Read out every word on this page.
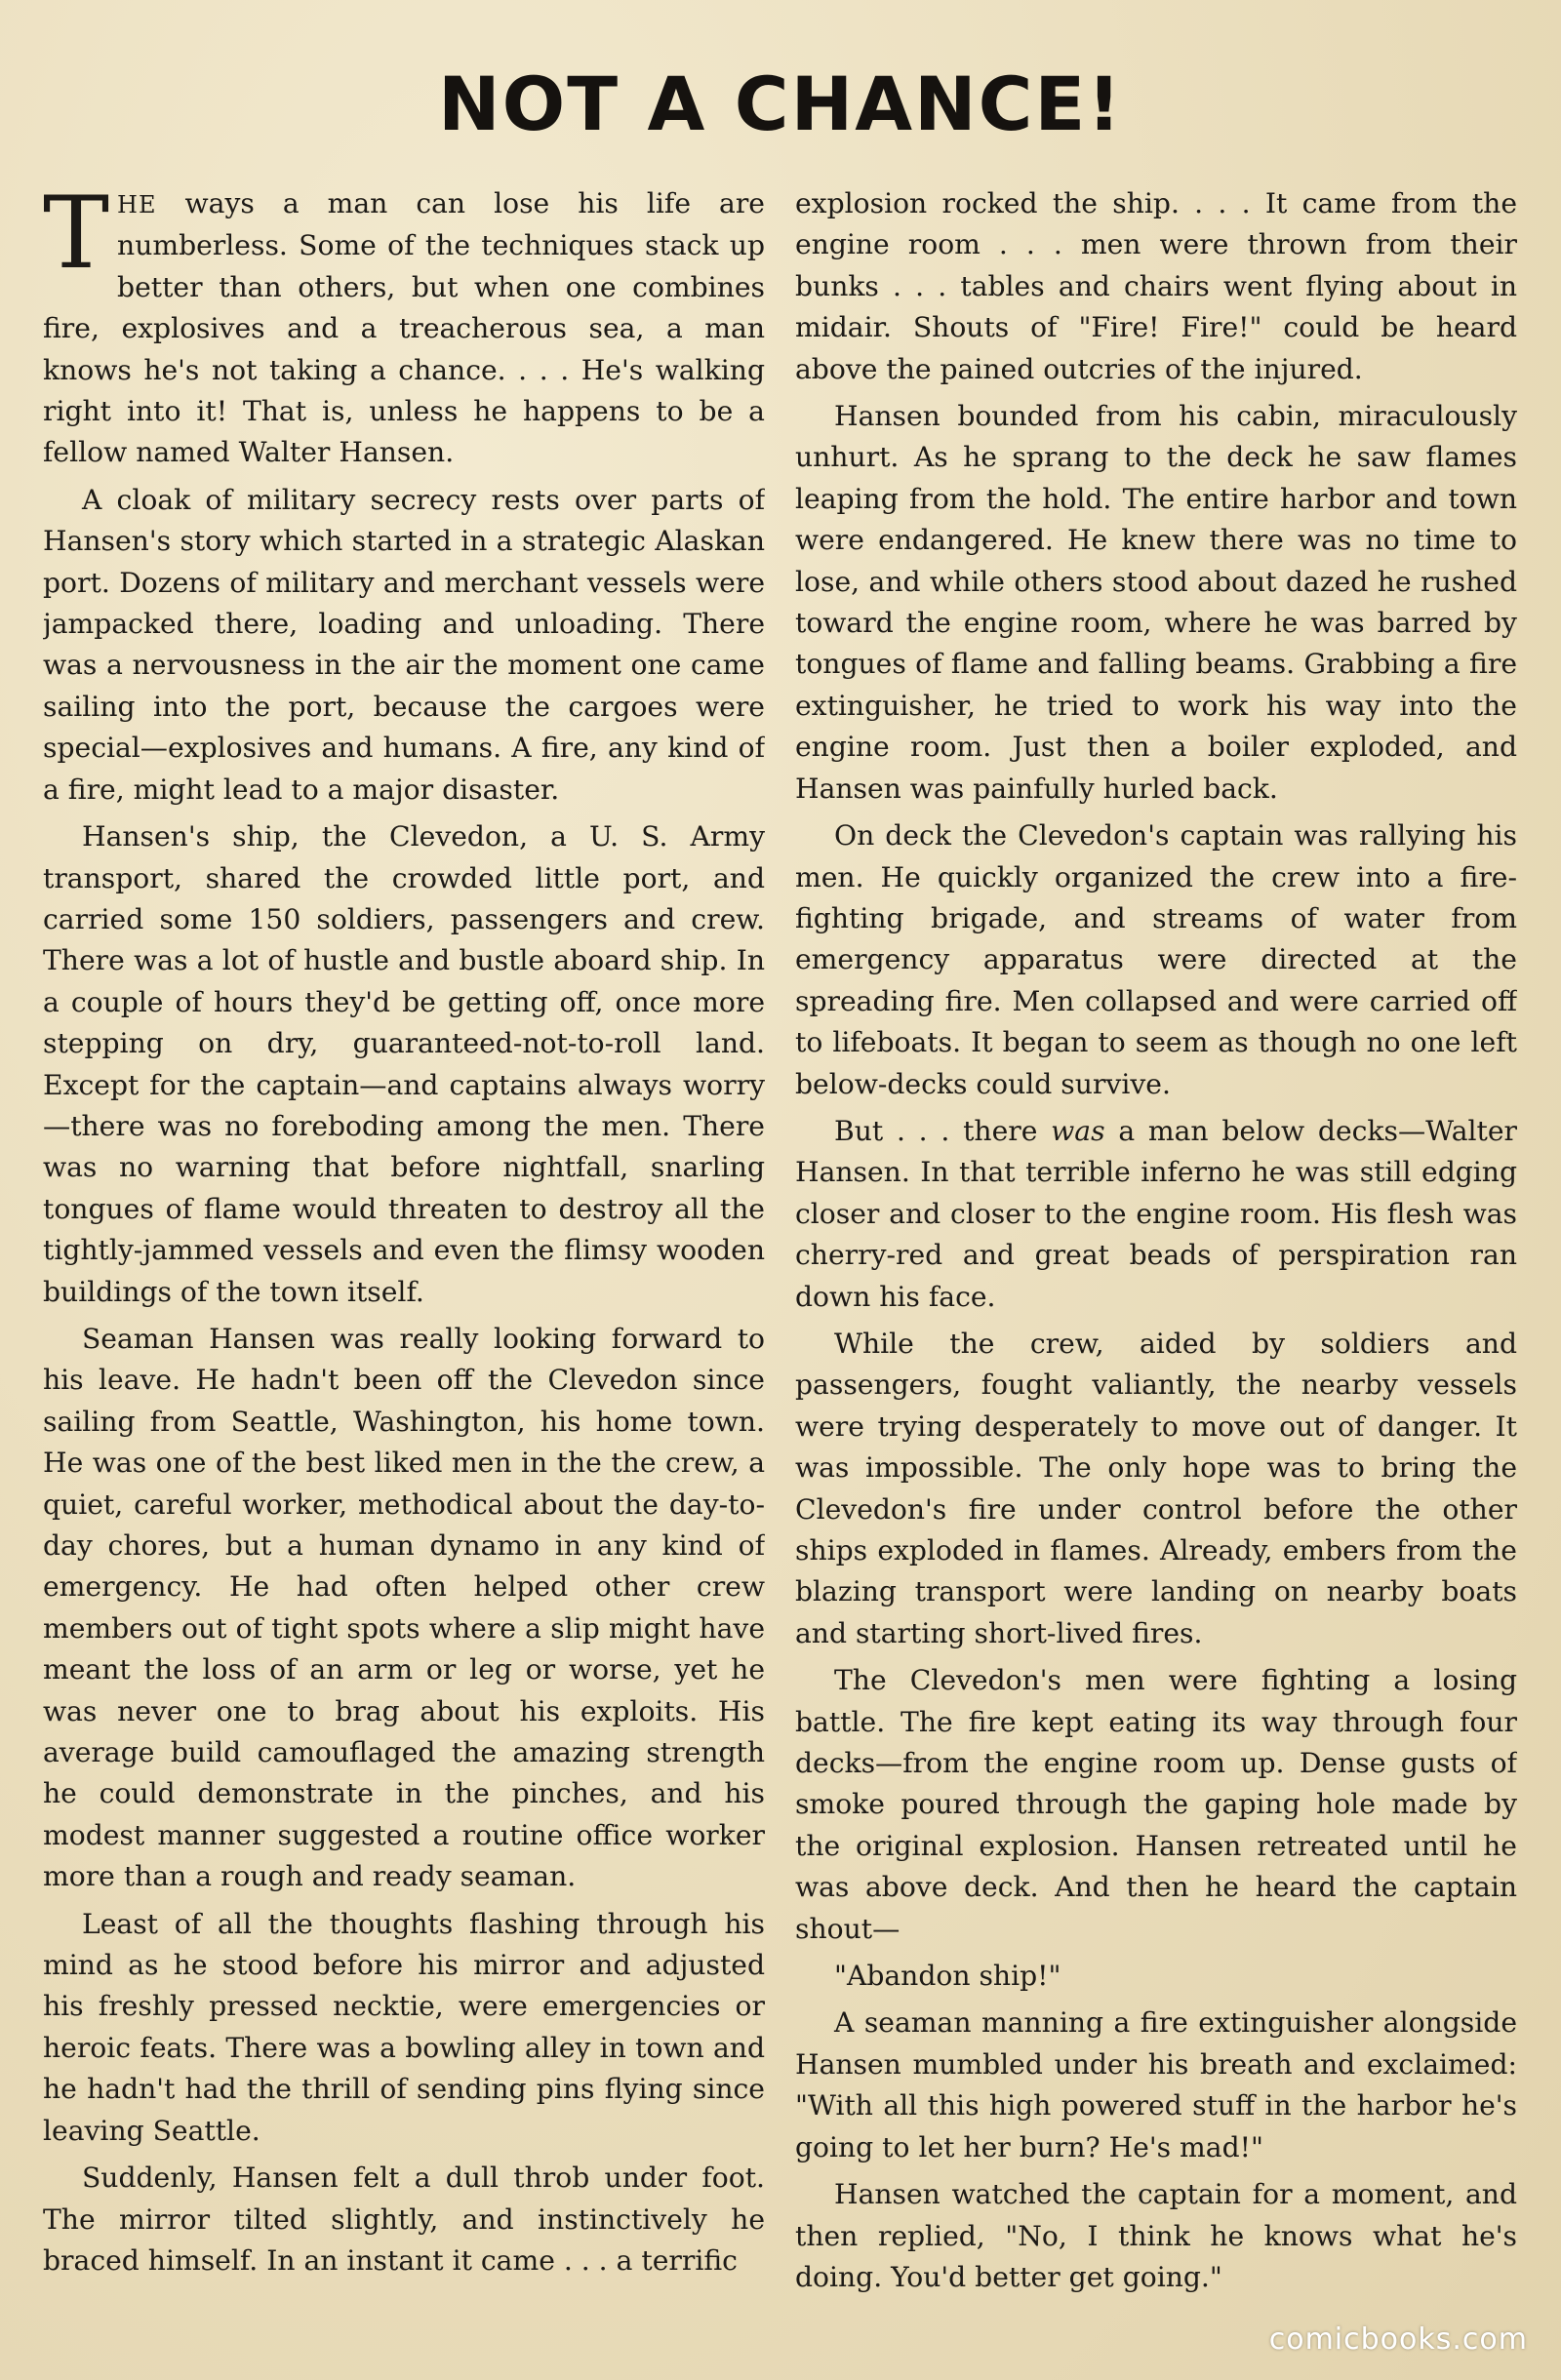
NOT A CHANCE!

THE ways a man can lose his life are numberless. Some of the techniques stack up better than others, but when one combines fire, explosives and a treacherous sea, a man knows he's not taking a chance. . . . He's walking right into it! That is, unless he happens to be a fellow named Walter Hansen.

A cloak of military secrecy rests over parts of Hansen's story which started in a strategic Alaskan port. Dozens of military and merchant vessels were jampacked there, loading and unloading. There was a nervousness in the air the moment one came sailing into the port, because the cargoes were special—explosives and humans. A fire, any kind of a fire, might lead to a major disaster.

Hansen's ship, the Clevedon, a U. S. Army transport, shared the crowded little port, and carried some 150 soldiers, passengers and crew. There was a lot of hustle and bustle aboard ship. In a couple of hours they'd be getting off, once more stepping on dry, guaranteed-not-to-roll land. Except for the captain—and captains always worry—there was no foreboding among the men. There was no warning that before nightfall, snarling tongues of flame would threaten to destroy all the tightly-jammed vessels and even the flimsy wooden buildings of the town itself.

Seaman Hansen was really looking forward to his leave. He hadn't been off the Clevedon since sailing from Seattle, Washington, his home town. He was one of the best liked men in the the crew, a quiet, careful worker, methodical about the day-to-day chores, but a human dynamo in any kind of emergency. He had often helped other crew members out of tight spots where a slip might have meant the loss of an arm or leg or worse, yet he was never one to brag about his exploits. His average build camouflaged the amazing strength he could demonstrate in the pinches, and his modest manner suggested a routine office worker more than a rough and ready seaman.

Least of all the thoughts flashing through his mind as he stood before his mirror and adjusted his freshly pressed necktie, were emergencies or heroic feats. There was a bowling alley in town and he hadn't had the thrill of sending pins flying since leaving Seattle.

Suddenly, Hansen felt a dull throb under foot. The mirror tilted slightly, and instinctively he braced himself. In an instant it came . . . a terrific

explosion rocked the ship. . . . It came from the engine room . . . men were thrown from their bunks . . . tables and chairs went flying about in midair. Shouts of "Fire! Fire!" could be heard above the pained outcries of the injured.

Hansen bounded from his cabin, miraculously unhurt. As he sprang to the deck he saw flames leaping from the hold. The entire harbor and town were endangered. He knew there was no time to lose, and while others stood about dazed he rushed toward the engine room, where he was barred by tongues of flame and falling beams. Grabbing a fire extinguisher, he tried to work his way into the engine room. Just then a boiler exploded, and Hansen was painfully hurled back.

On deck the Clevedon's captain was rallying his men. He quickly organized the crew into a fire-fighting brigade, and streams of water from emergency apparatus were directed at the spreading fire. Men collapsed and were carried off to lifeboats. It began to seem as though no one left below-decks could survive.

But . . . there was a man below decks—Walter Hansen. In that terrible inferno he was still edging closer and closer to the engine room. His flesh was cherry-red and great beads of perspiration ran down his face.

While the crew, aided by soldiers and passengers, fought valiantly, the nearby vessels were trying desperately to move out of danger. It was impossible. The only hope was to bring the Clevedon's fire under control before the other ships exploded in flames. Already, embers from the blazing transport were landing on nearby boats and starting short-lived fires.

The Clevedon's men were fighting a losing battle. The fire kept eating its way through four decks—from the engine room up. Dense gusts of smoke poured through the gaping hole made by the original explosion. Hansen retreated until he was above deck. And then he heard the captain shout—

"Abandon ship!"

A seaman manning a fire extinguisher alongside Hansen mumbled under his breath and exclaimed: "With all this high powered stuff in the harbor he's going to let her burn? He's mad!"

Hansen watched the captain for a moment, and then replied, "No, I think he knows what he's doing. You'd better get going."

comicbooks.com
